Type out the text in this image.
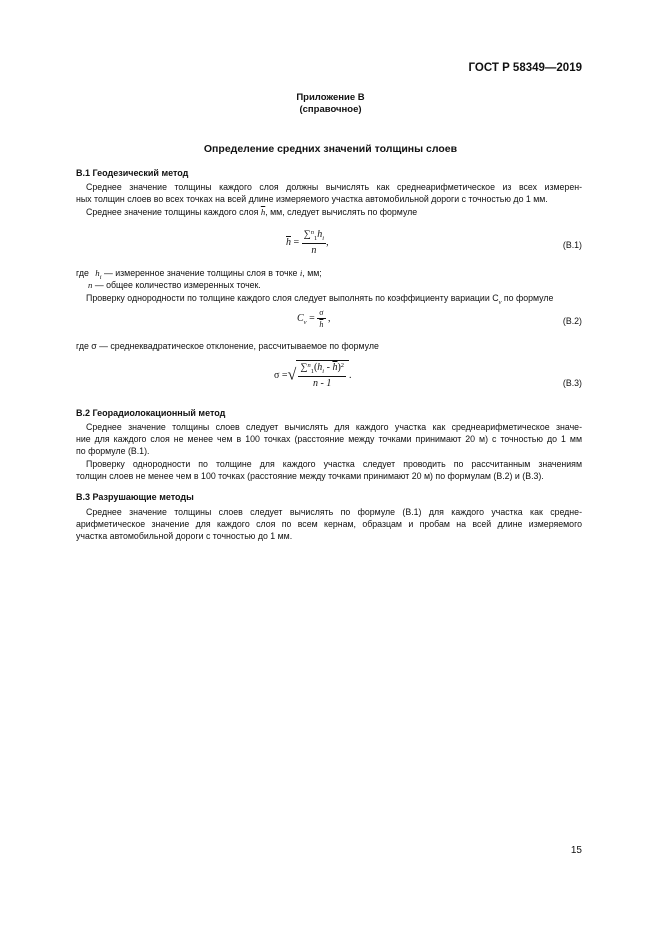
ГОСТ Р 58349—2019
Приложение В
(справочное)
Определение средних значений толщины слоев
В.1 Геодезический метод
Среднее значение толщины каждого слоя должны вычислять как среднеарифметическое из всех измерен-
ных толщин слоев во всех точках на всей длине измеряемого участка автомобильной дороги с точностью до 1 мм.
Среднее значение толщины каждого слоя $\overline{h}$, мм, следует вычислять по формуле
$\overline{h} = \frac{\sum^n_1h_i}{n}$ ,	(В.1)
где $h_i$ — измеренное значение толщины слоя в точке i, мм;
n — общее количество измеренных точек.
Проверку однородности по толщине каждого слоя следует выполнять по коэффициенту вариации $C_v$ по формуле
$C_v = \frac{\sigma}{h}$ ,	(В.2)
где σ — среднеквадратическое отклонение, рассчитываемое по формуле
σ =√ $\frac{\sum^n_1(h_i - \overline{h})^2}{n - 1}$ .
(В.3)
В.2 Георадиолокационный метод
Среднее значение толщины слоев следует вычислять для каждого участка как среднеарифметическое значе-
ние для каждого слоя не менее чем в 100 точках (расстояние между точками принимают 20 м) с точностью до 1 мм
по формуле (В.1).
Проверку однородности по толщине для каждого участка следует проводить по рассчитанным значениям
толщин слоев не менее чем в 100 точках (расстояние между точками принимают 20 м) по формулам (В.2) и (В.3).
В.3 Разрушающие методы
Среднее значение толщины слоев следует вычислять по формуле (В.1) для каждого участка как средне-
арифметическое значение для каждого слоя по всем кернам, образцам и пробам на всей длине измеряемого
участка автомобильной дороги с точностью до 1 мм.
15
